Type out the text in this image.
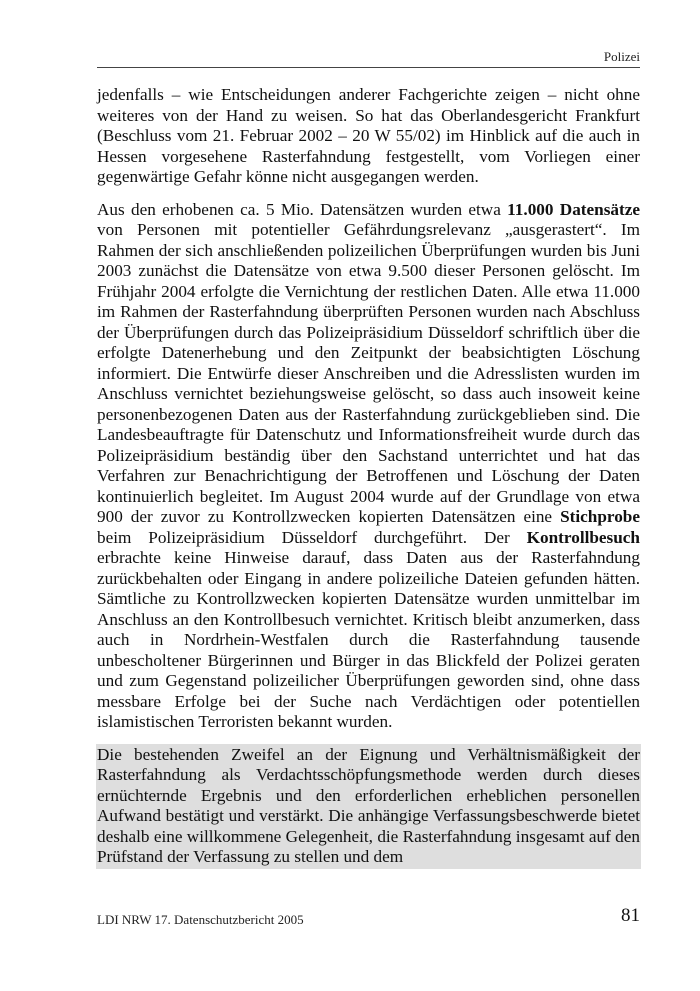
Polizei

jedenfalls – wie Entscheidungen anderer Fachgerichte zeigen – nicht ohne weiteres von der Hand zu weisen. So hat das Oberlandesgericht Frankfurt (Beschluss vom 21. Februar 2002 – 20 W 55/02) im Hinblick auf die auch in Hessen vorgesehene Rasterfahndung festgestellt, vom Vorliegen einer gegenwärtige Gefahr könne nicht ausgegangen werden.

Aus den erhobenen ca. 5 Mio. Datensätzen wurden etwa 11.000 Datensätze von Personen mit potentieller Gefährdungsrelevanz „ausgerastert“. Im Rahmen der sich anschließenden polizeilichen Überprüfungen wurden bis Juni 2003 zunächst die Datensätze von etwa 9.500 dieser Personen gelöscht. Im Frühjahr 2004 erfolgte die Vernichtung der restlichen Daten. Alle etwa 11.000 im Rahmen der Rasterfahndung überprüften Personen wurden nach Abschluss der Überprüfungen durch das Polizeipräsidium Düsseldorf schriftlich über die erfolgte Datenerhebung und den Zeitpunkt der beabsichtigten Löschung informiert. Die Entwürfe dieser Anschreiben und die Adresslisten wurden im Anschluss vernichtet beziehungsweise gelöscht, so dass auch insoweit keine personenbezogenen Daten aus der Rasterfahndung zurückgeblieben sind. Die Landesbeauftragte für Datenschutz und Informationsfreiheit wurde durch das Polizeipräsidium beständig über den Sachstand unterrichtet und hat das Verfahren zur Benachrichtigung der Betroffenen und Löschung der Daten kontinuierlich begleitet. Im August 2004 wurde auf der Grundlage von etwa 900 der zuvor zu Kontrollzwecken kopierten Datensätzen eine Stichprobe beim Polizeipräsidium Düsseldorf durchgeführt. Der Kontrollbesuch erbrachte keine Hinweise darauf, dass Daten aus der Rasterfahndung zurückbehalten oder Eingang in andere polizeiliche Dateien gefunden hätten. Sämtliche zu Kontrollzwecken kopierten Datensätze wurden unmittelbar im Anschluss an den Kontrollbesuch vernichtet. Kritisch bleibt anzumerken, dass auch in Nordrhein-Westfalen durch die Rasterfahndung tausende unbescholtener Bürgerinnen und Bürger in das Blickfeld der Polizei geraten und zum Gegenstand polizeilicher Überprüfungen geworden sind, ohne dass messbare Erfolge bei der Suche nach Verdächtigen oder potentiellen islamistischen Terroristen bekannt wurden.

Die bestehenden Zweifel an der Eignung und Verhältnismäßigkeit der Rasterfahndung als Verdachtsschöpfungsmethode werden durch dieses ernüchternde Ergebnis und den erforderlichen erheblichen personellen Aufwand bestätigt und verstärkt. Die anhängige Verfassungsbeschwerde bietet deshalb eine willkommene Gelegenheit, die Rasterfahndung insgesamt auf den Prüfstand der Verfassung zu stellen und dem

LDI NRW 17. Datenschutzbericht 2005	81
